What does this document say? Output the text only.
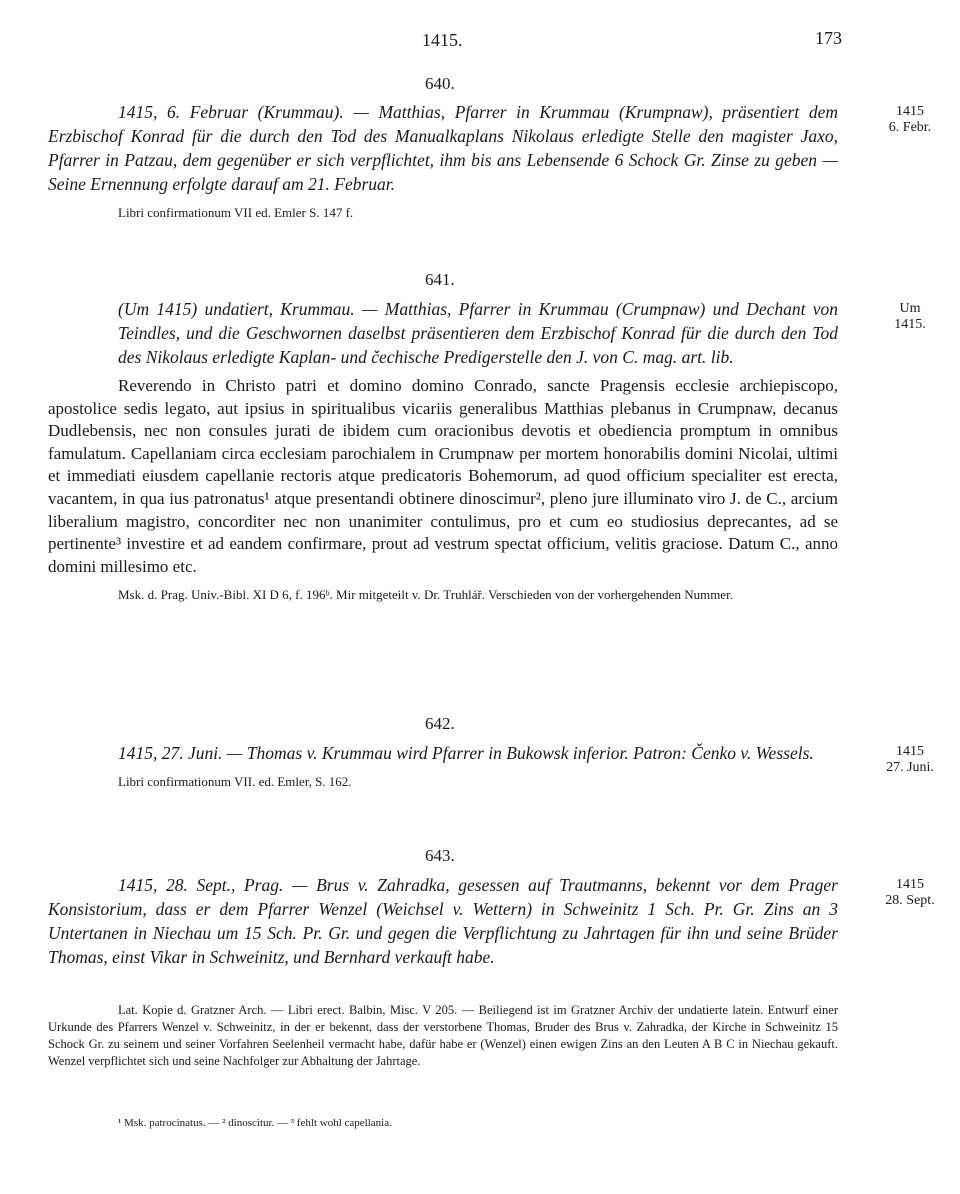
1415.	173
640.
1415, 6. Februar (Krummau). — Matthias, Pfarrer in Krummau (Krumpnaw), präsentiert dem Erzbischof Konrad für die durch den Tod des Manualkaplans Nikolaus erledigte Stelle den magister Jaxo, Pfarrer in Patzau, dem gegenüber er sich verpflichtet, ihm bis ans Lebensende 6 Schock Gr. Zinse zu geben — Seine Ernennung erfolgte darauf am 21. Februar.
Libri confirmationum VII ed. Emler S. 147 f.
1415
6. Febr.
641.
(Um 1415) undatiert, Krummau. — Matthias, Pfarrer in Krummau (Crumpnaw) und Dechant von Teindles, und die Geschwornen daselbst präsentieren dem Erzbischof Konrad für die durch den Tod des Nikolaus erledigte Kaplan- und čechische Predigerstelle den J. von C. mag. art. lib.
Reverendo in Christo patri et domino domino Conrado, sancte Pragensis ecclesie archiepiscopo, apostolice sedis legato, aut ipsius in spiritualibus vicariis generalibus Matthias plebanus in Crumpnaw, decanus Dudlebensis, nec non consules jurati de ibidem cum oracionibus devotis et obediencia promptum in omnibus famulatum. Capellaniam circa ecclesiam parochialem in Crumpnaw per mortem honorabilis domini Nicolai, ultimi et immediati eiusdem capellanie rectoris atque predicatoris Bohemorum, ad quod officium specialiter est erecta, vacantem, in qua ius patronatus¹ atque presentandi obtinere dinoscimur², pleno jure illuminato viro J. de C., arcium liberalium magistro, concorditer nec non unanimiter contulimus, pro et cum eo studiosius deprecantes, ad se pertinente³ investire et ad eandem confirmare, prout ad vestrum spectat officium, velitis graciose. Datum C., anno domini millesimo etc.
Msk. d. Prag. Univ.-Bibl. XI D 6, f. 196ᵇ. Mir mitgeteilt v. Dr. Truhlář. Verschieden von der vorhergehenden Nummer.
Um
1415.
642.
1415, 27. Juni. — Thomas v. Krummau wird Pfarrer in Bukowsk inferior. Patron: Čenko v. Wessels.
Libri confirmationum VII. ed. Emler, S. 162.
1415
27. Juni.
643.
1415, 28. Sept., Prag. — Brus v. Zahradka, gesessen auf Trautmanns, bekennt vor dem Prager Konsistorium, dass er dem Pfarrer Wenzel (Weichsel v. Wettern) in Schweinitz 1 Sch. Pr. Gr. Zins an 3 Untertanen in Niechau um 15 Sch. Pr. Gr. und gegen die Verpflichtung zu Jahrtagen für ihn und seine Brüder Thomas, einst Vikar in Schweinitz, und Bernhard verkauft habe.
Lat. Kopie d. Gratzner Arch. — Libri erect. Balbin, Misc. V 205. — Beiliegend ist im Gratzner Archiv der undatierte latein. Entwurf einer Urkunde des Pfarrers Wenzel v. Schweinitz, in der er bekennt, dass der verstorbene Thomas, Bruder des Brus v. Zahradka, der Kirche in Schweinitz 15 Schock Gr. zu seinem und seiner Vorfahren Seelenheil vermacht habe, dafür habe er (Wenzel) einen ewigen Zins an den Leuten A B C in Niechau gekauft. Wenzel verpflichtet sich und seine Nachfolger zur Abhaltung der Jahrtage.
1415
28. Sept.
¹ Msk. patrocinatus. — ² dinoscitur. — ³ fehlt wohl capellania.
